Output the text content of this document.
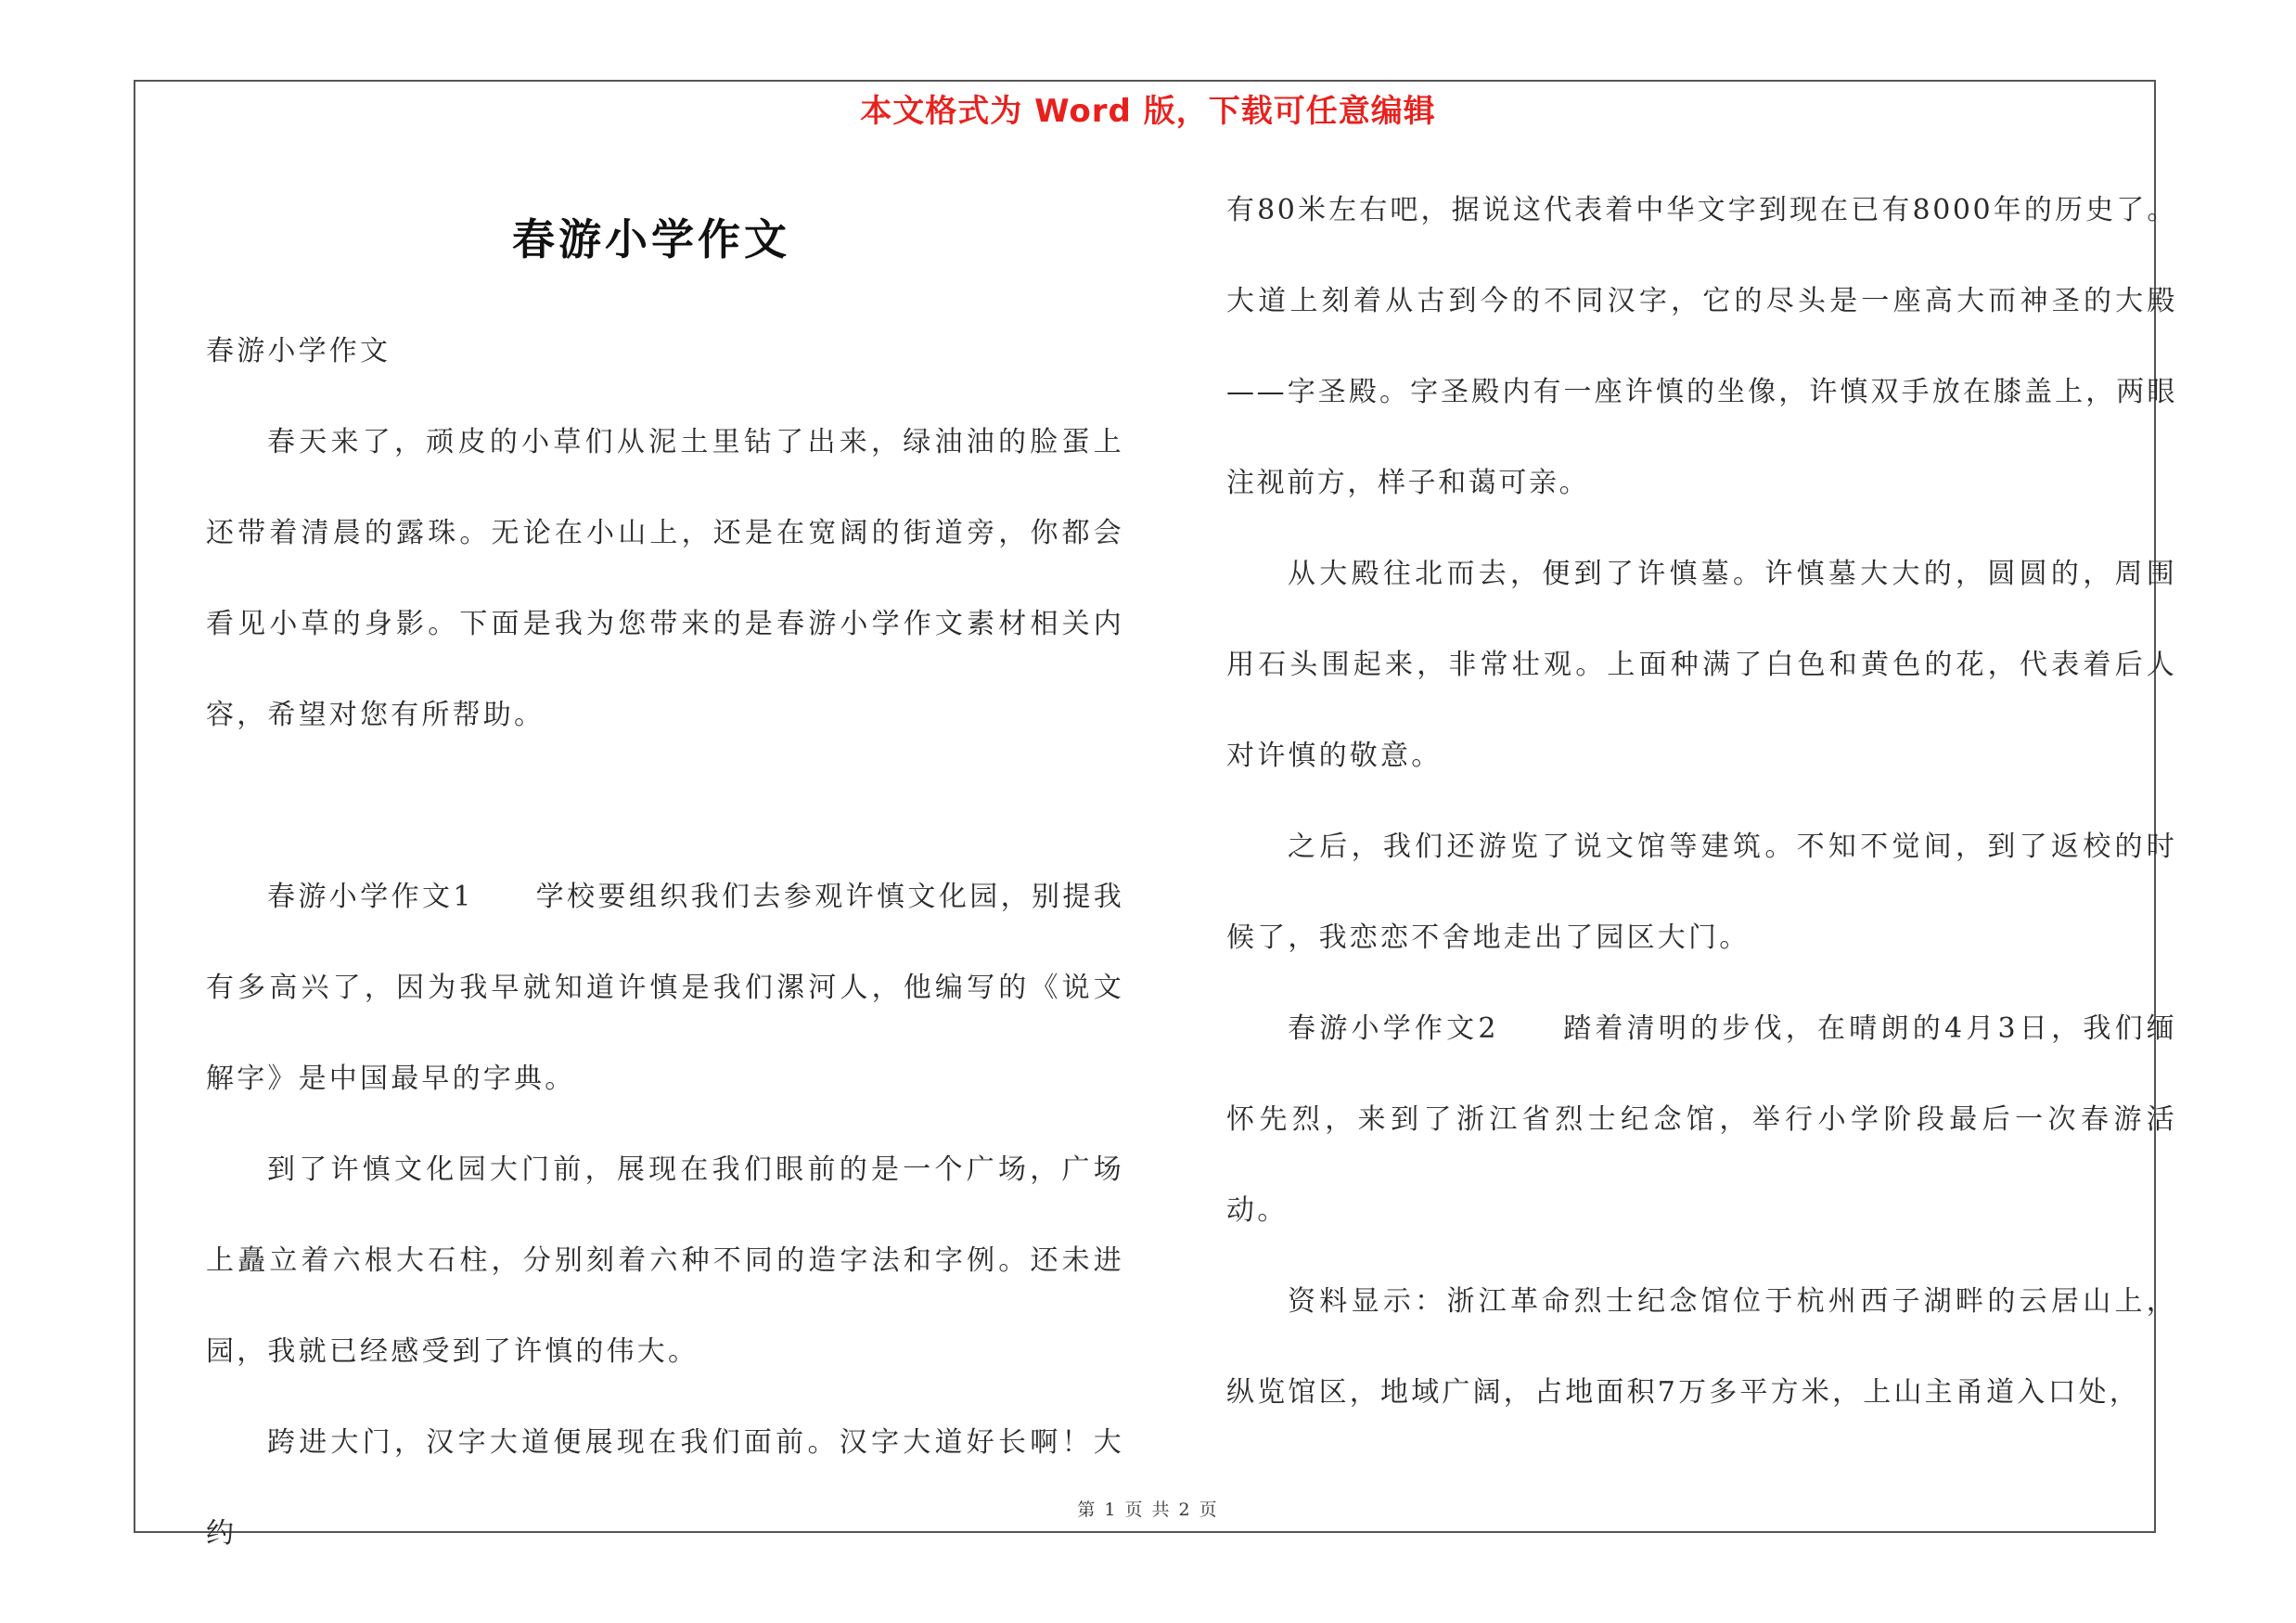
本文格式为 Word 版，下载可任意编辑
春游小学作文

春游小学作文

春天来了，顽皮的小草们从泥土里钻了出来，绿油油的脸蛋上还带着清晨的露珠。无论在小山上，还是在宽阔的街道旁，你都会看见小草的身影。下面是我为您带来的是春游小学作文素材相关内容，希望对您有所帮助。

春游小学作文1　　学校要组织我们去参观许慎文化园，别提我有多高兴了，因为我早就知道许慎是我们漯河人，他编写的《说文解字》是中国最早的字典。

到了许慎文化园大门前，展现在我们眼前的是一个广场，广场上矗立着六根大石柱，分别刻着六种不同的造字法和字例。还未进园，我就已经感受到了许慎的伟大。

跨进大门，汉字大道便展现在我们面前。汉字大道好长啊！大约

有80米左右吧，据说这代表着中华文字到现在已有8000年的历史了。大道上刻着从古到今的不同汉字，它的尽头是一座高大而神圣的大殿——字圣殿。字圣殿内有一座许慎的坐像，许慎双手放在膝盖上，两眼注视前方，样子和蔼可亲。

从大殿往北而去，便到了许慎墓。许慎墓大大的，圆圆的，周围用石头围起来，非常壮观。上面种满了白色和黄色的花，代表着后人对许慎的敬意。

之后，我们还游览了说文馆等建筑。不知不觉间，到了返校的时候了，我恋恋不舍地走出了园区大门。

春游小学作文2　　踏着清明的步伐，在晴朗的4月3日，我们缅怀先烈，来到了浙江省烈士纪念馆，举行小学阶段最后一次春游活动。

资料显示：浙江革命烈士纪念馆位于杭州西子湖畔的云居山上，纵览馆区，地域广阔，占地面积7万多平方米，上山主甬道入口处，

第 1 页 共 2 页
